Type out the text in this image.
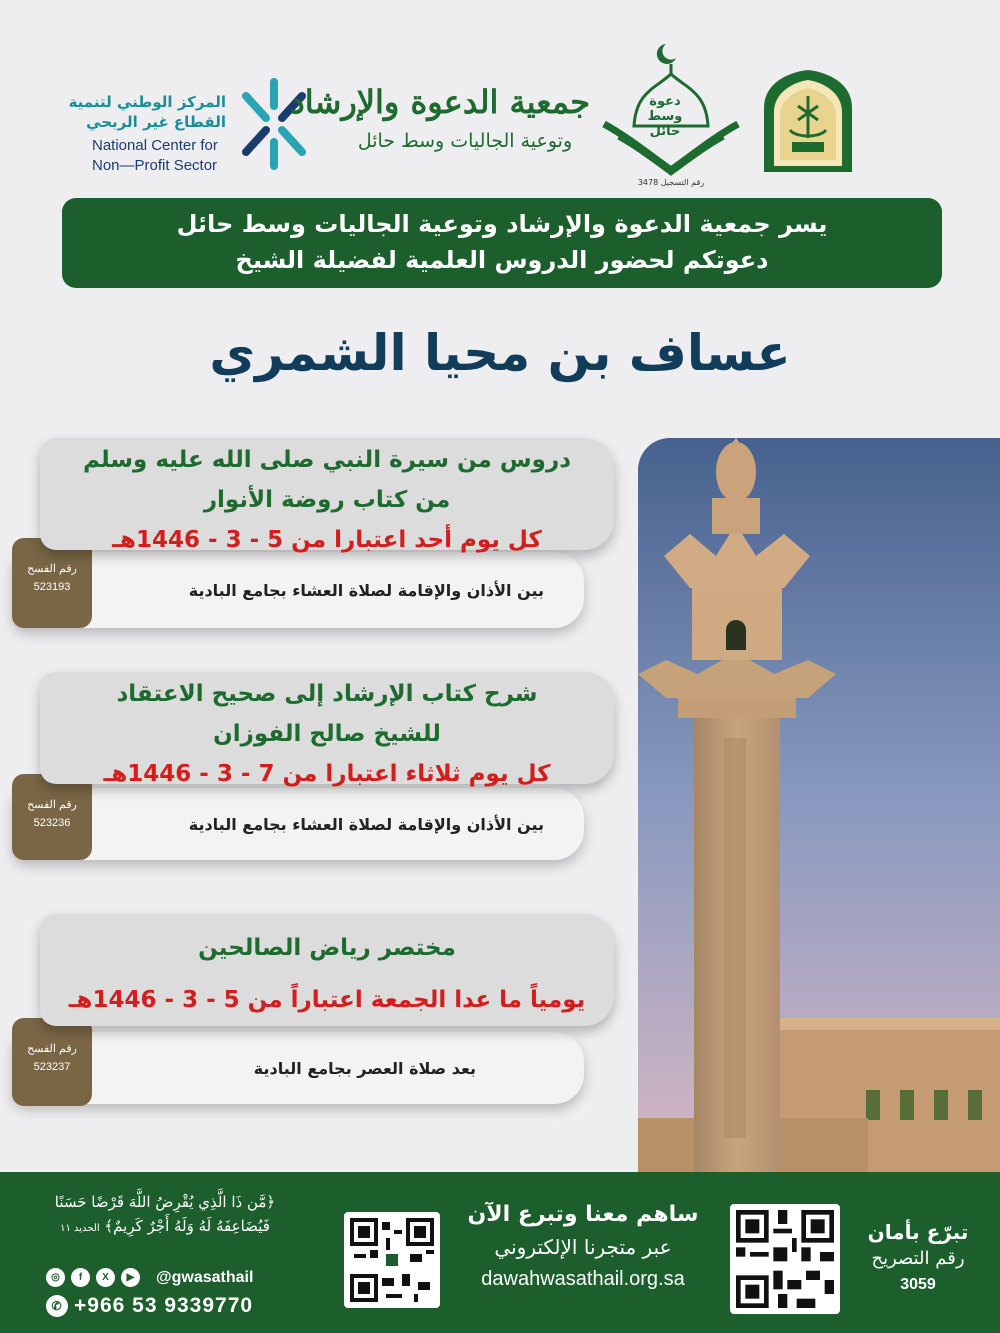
المركز الوطني لتنمية
القطاع غير الربحي
National Center for
Non—Profit Sector
جمعية الدعوة والإرشاد
وتوعية الجاليات وسط حائل
دعوة
وسط
حائل
رقم التسجيل 3478
يسر جمعية الدعوة والإرشاد وتوعية الجاليات وسط حائل
دعوتكم لحضور الدروس العلمية لفضيلة الشيخ
عساف بن محيا الشمري
بين الأذان والإقامة لصلاة العشاء بجامع البادية
رقم الفسح
523193
دروس من سيرة النبي صلى الله عليه وسلم
من كتاب روضة الأنوار
كل يوم أحد اعتبارا من 5 - 3 - 1446هـ
بين الأذان والإقامة لصلاة العشاء بجامع البادية
رقم الفسح
523236
شرح كتاب الإرشاد إلى صحيح الاعتقاد
للشيخ صالح الفوزان
كل يوم ثلاثاء اعتبارا من 7 - 3 - 1446هـ
بعد صلاة العصر بجامع البادية
رقم الفسح
523237
مختصر رياض الصالحين
يومياً ما عدا الجمعة اعتباراً من 5 - 3 - 1446هـ
﴿مَّن ذَا الَّذِي يُقْرِضُ اللَّهَ قَرْضًا حَسَنًا
فَيُضَاعِفَهُ لَهُ وَلَهُ أَجْرٌ كَرِيمٌ﴾ الحديد ١١
◎	f	X	▶	@gwasathail
✆ +966 53 9339770
ساهم معنا وتبرع الآن
عبر متجرنا الإلكتروني
dawahwasathail.org.sa
تبرّع بأمان
رقم التصريح
3059
